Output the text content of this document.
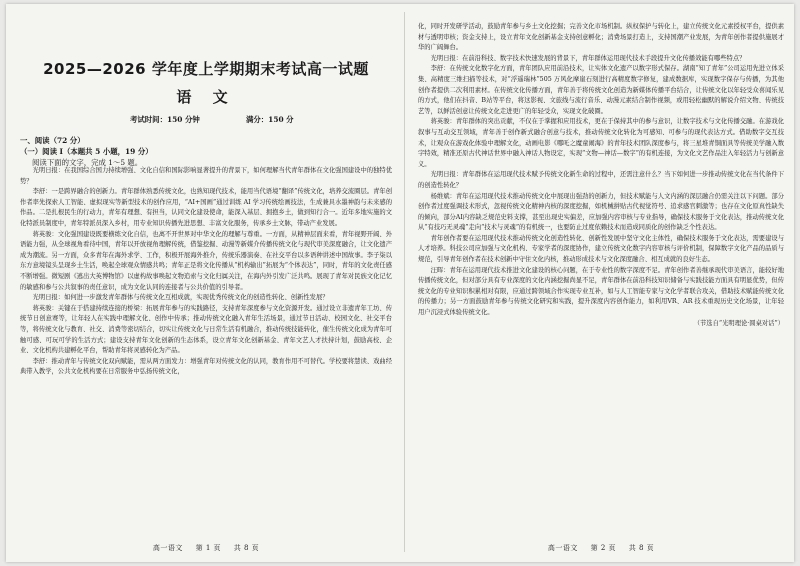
2025—2026 学年度上学期期末考试高一试题
语 文
考试时间：150 分钟	满分：150 分
一、阅读（72 分）
（一）阅读 I（本题共 5 小题，19 分）
阅读下面的文字，完成 1～5 题。

光明日报：在我国综合国力持续增强、文化自信和国际影响显著提升的背景下，如何理解当代青年群体在文化强国建设中的独特优势？

李舒：一是跨界融合的创新力。青年群体熟悉传统文化，也熟知现代技术，能用当代语境“翻译”传统文化，培养交流圈层。青年创作者率先探索人工智能、虚拟现实等新型技术的创作应用，“AI+国画”通过训练 AI 学习传统绘画技法，生成兼具水墨神韵与未来感的作品。二是扎根民生的行动力，青年有理想、有担当，认同文化建设使命，能深入基层、拥抱乡土，做到知行合一。近年多地实施的文化特派员制度中，青年特派员深入乡村，用专业知识传播先进思想、丰富文化服务，传承乡土文脉，带动产业发展。

蒋英骏：文化强国建设既要横练文化自信，也离不开世界对中华文化的理解与尊重。一方面，从精神层面来看，青年视野开阔、外语能力强，从全球视角看待中国，青年以开放视角理解传统，借鉴挖掘、动漫等新媒介传播传统文化与现代审美深度融合，让文化遗产成为潮流。另一方面，众多青年在海外求学、工作，积极开展海外推介，传统乐器演奏、在社交平台以多语种讲述中国故事。李子柒以东方意境镜头呈现乡土生活，唤起全球观众情感共鸣；青年正是将文化传播从“机构输出”拓展为“个体表达”，同时，青年的文化责任感不断增强。微短剧《逃出大英博物馆》以虚构故事唤起文物追索与文化归属关注，在海内外引发广泛共鸣。展现了青年对民族文化记忆的敏感和参与公共叙事的责任意识，成为文化认同的连接者与公共价值的引导者。

光明日报：如何进一步激发青年群体与传统文化互相成就，实现优秀传统文化的创造性转化、创新性发展？

蒋英骏：关键在于搭建持续连接的桥梁：拓展青年参与的实践路径，支持青年深度参与文化资源开发。通过设立非遗青年工坊、传统节日创意赛等，让年轻人在实践中理解文化、创作中传承；推动传统文化融入青年生活场景，通过节日活动、校园文化、社交平台等，将传统文化与教育、社交、消费等密切结合，切实让传统文化与日常生活有机融合，推动传统技能转化，催生传统文化成为青年可触可感、可玩可学的生活方式；建设支持青年文化创新的生态体系，设立青年文化创新基金、青年文艺人才扶持计划，鼓励高校、企业、文化机构共建孵化平台，帮助青年将灵感转化为产品。

李舒：推动青年与传统文化双向赋能，需从两方面发力：增强青年对传统文化的认同，教育作用不可替代。学校要将慧读、戏曲经典带入教学，公共文化机构要在日常服务中弘扬传统文化，

高一语文 第 1 页 共 8 页

化，同时开发研学活动，鼓励青年参与乡土文化挖掘；完善文化市场机制。纵权保护与转化上，建立传统文化元素授权平台，提供素材与透明审核；资金支持上，设立青年文化创新基金支持创意孵化；消费场景打造上，支持国潮产业发展，为青年创作者提供施展才华的广阔舞台。

光明日报：在前沿科技、数字技术快速发展的背景下，青年群体运用现代技术手段提升文化传播效能有哪些特点？

李舒：在传统文化数字化方面，青年团队应用前沿技术，让实体文化遗产以数字形式保存。湖南“知了青年”公司运用先进立体采集、高精度三维扫描等技术，对“浮遥瑞林”505 万风化摩崖石刻进行高精度数字修复，建成数据库，实现数字保存与传播，为其他创作者提供二次利用素材。在传统文化传播方面，青年善于将传统文化创造为新媒体传播平台结合，让传统文化以年轻受众喜闻乐见的方式，他们在抖音、B站等平台，将这影视、文旅线与流行音乐、动漫元素结合制作视频，或用轻松幽默的解说介绍文物、传统技艺等，以鲜活创意让传统文化走进更广的年轻受众，实现文化破圈。

蒋英骏：青年群体的突出贡献，不仅在于掌握和应用技术，更在于保持其中的参与意识，让数字技术与文化传播交融。在游戏化叙事与互动交互领域，青年善于创作新式融合创意与技术，推动传统文化转化为可感知、可参与的现代表达方式。借助数字交互技术，让观众在游戏化体验中理解文化，动画电影《哪吒之魔童闹海》的青年技术团队深度参与，将三星堆青铜面具等传统美学融入数字特效，精准还原古代神话世界中融入神话人物设定，实现“文物—神话—数字”的有机连接，为文化文艺作品注入年轻活力与创新意义。

光明日报：青年群体在运用现代技术赋予传统文化新生命的过程中，还需注意什么？当下如何进一步推动传统文化在当代条件下的创造性转化？

杨维斌：青年在运用现代技术推动传统文化中展现出强劲的创新力，但技术赋能与人文内涵的深层融合仍需关注以下问题。部分创作者过度强调技术形式，忽视传统文化精神内核的深度挖掘，如机械拼贴古代视觉符号、追求感官刺激等；也存在文化原真性缺失的倾向，部分AI内容缺乏规范史料支撑，甚至出现史实偏差，应加强内容审核与专业指导，确保技术服务于文化表达，推动传统文化从“有技巧无灵魂”走向“技术与灵魂”的有机统一，也要防止过度依赖技术而造成同质化的创作缺乏个性表达。

青年创作者要在运用现代技术推动传统文化创造性转化、创新性发展中坚守文化主体性，确保技术服务于文化表达，需要建设与人才培养。科技公司应加强与文化机构、专家学者的深度协作，建立传统文化数字内容审核与评价机制，保障数字文化产品的品质与规范，引导青年创作者在技术创新中守住文化内核，推动形成技术与文化深度融合、相互成就的良好生态。

汪晖：青年在运用现代技术推进文化建设的核心问题，在于专业性的数字深度不足。青年创作者善继承现代审美语言，能较好地传播传统文化，但对部分具有专业深度的文化内涵挖掘尚显不足，青年群体在前沿科技知识储备与实践技能方面具有明显优势，但传统文化的专业知识积累相对有限，应通过跨领域合作实现专业互补，如与人工智能专家与文化学者联合攻关，借助技术赋能传统文化的传播力；另一方面鼓励青年参与传统文化研究和实践，提升深度内容创作能力，如利用VR、AR 技术重现历史文化场景，让年轻用户沉浸式体验传统文化。

（节选自“光明理论·圆桌对话”）

高一语文 第 2 页 共 8 页
